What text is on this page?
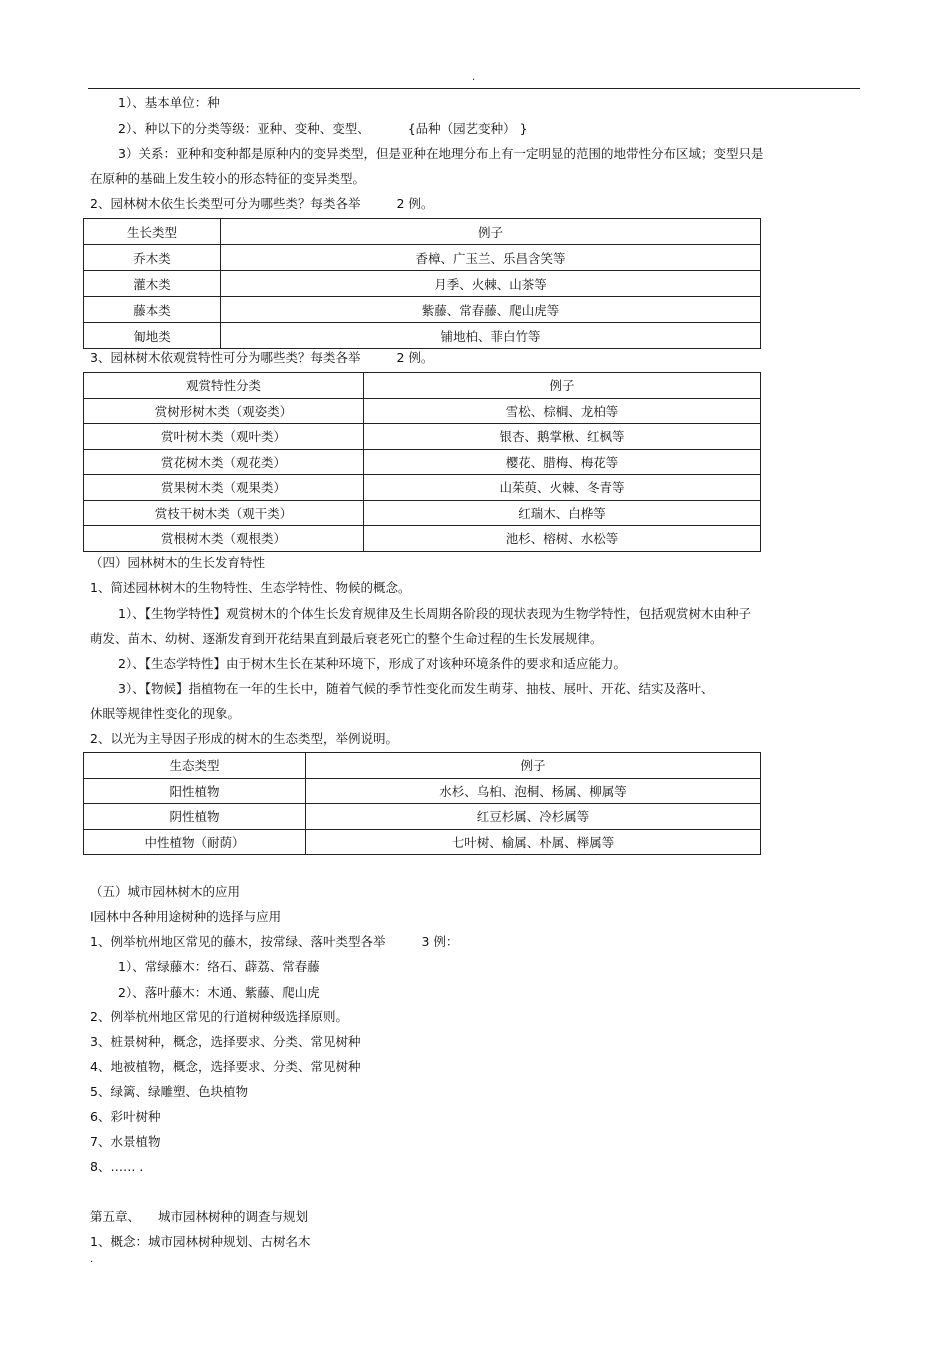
.
1）、基本单位：种
2）、种以下的分类等级：亚种、变种、变型、	{品种（园艺变种） }
3）关系：亚种和变种都是原种内的变异类型，但是亚种在地理分布上有一定明显的范围的地带性分布区域；变型只是
在原种的基础上发生较小的形态特征的变异类型。
2、园林树木依生长类型可分为哪些类？每类各举	2 例。
生长类型	例子
乔木类	香樟、广玉兰、乐昌含笑等
灌木类	月季、火棘、山茶等
藤本类	紫藤、常春藤、爬山虎等
匍地类	铺地柏、菲白竹等
3、园林树木依观赏特性可分为哪些类？每类各举	2 例。
观赏特性分类	例子
赏树形树木类（观姿类）	雪松、棕榈、龙柏等
赏叶树木类（观叶类）	银杏、鹅掌楸、红枫等
赏花树木类（观花类）	樱花、腊梅、梅花等
赏果树木类（观果类）	山茱萸、火棘、冬青等
赏枝干树木类（观干类）	红瑞木、白桦等
赏根树木类（观根类）	池杉、榕树、水松等
（四）园林树木的生长发育特性
1、简述园林树木的生物特性、生态学特性、物候的概念。
1）、【生物学特性】观赏树木的个体生长发育规律及生长周期各阶段的现状表现为生物学特性，包括观赏树木由种子
萌发、苗木、幼树、逐渐发育到开花结果直到最后衰老死亡的整个生命过程的生长发展规律。
2）、【生态学特性】由于树木生长在某种环境下，形成了对该种环境条件的要求和适应能力。
3）、【物候】指植物在一年的生长中，随着气候的季节性变化而发生萌芽、抽枝、展叶、开花、结实及落叶、
休眠等规律性变化的现象。
2、以光为主导因子形成的树木的生态类型，举例说明。
生态类型	例子
阳性植物	水杉、乌桕、泡桐、杨属、柳属等
阴性植物	红豆杉属、冷杉属等
中性植物（耐荫）	七叶树、榆属、朴属、榉属等
（五）城市园林树木的应用
Ⅰ园林中各种用途树种的选择与应用
1、例举杭州地区常见的藤木，按常绿、落叶类型各举	3 例：
1）、常绿藤木：络石、薜荔、常春藤
2）、落叶藤木：木通、紫藤、爬山虎
2、例举杭州地区常见的行道树种级选择原则。
3、桩景树种，概念，选择要求、分类、常见树种
4、地被植物，概念，选择要求、分类、常见树种
5、绿篱、绿雕塑、色块植物
6、彩叶树种
7、水景植物
8、…… .
第五章、 城市园林树种的调查与规划
1、概念：城市园林树种规划、古树名木
.
